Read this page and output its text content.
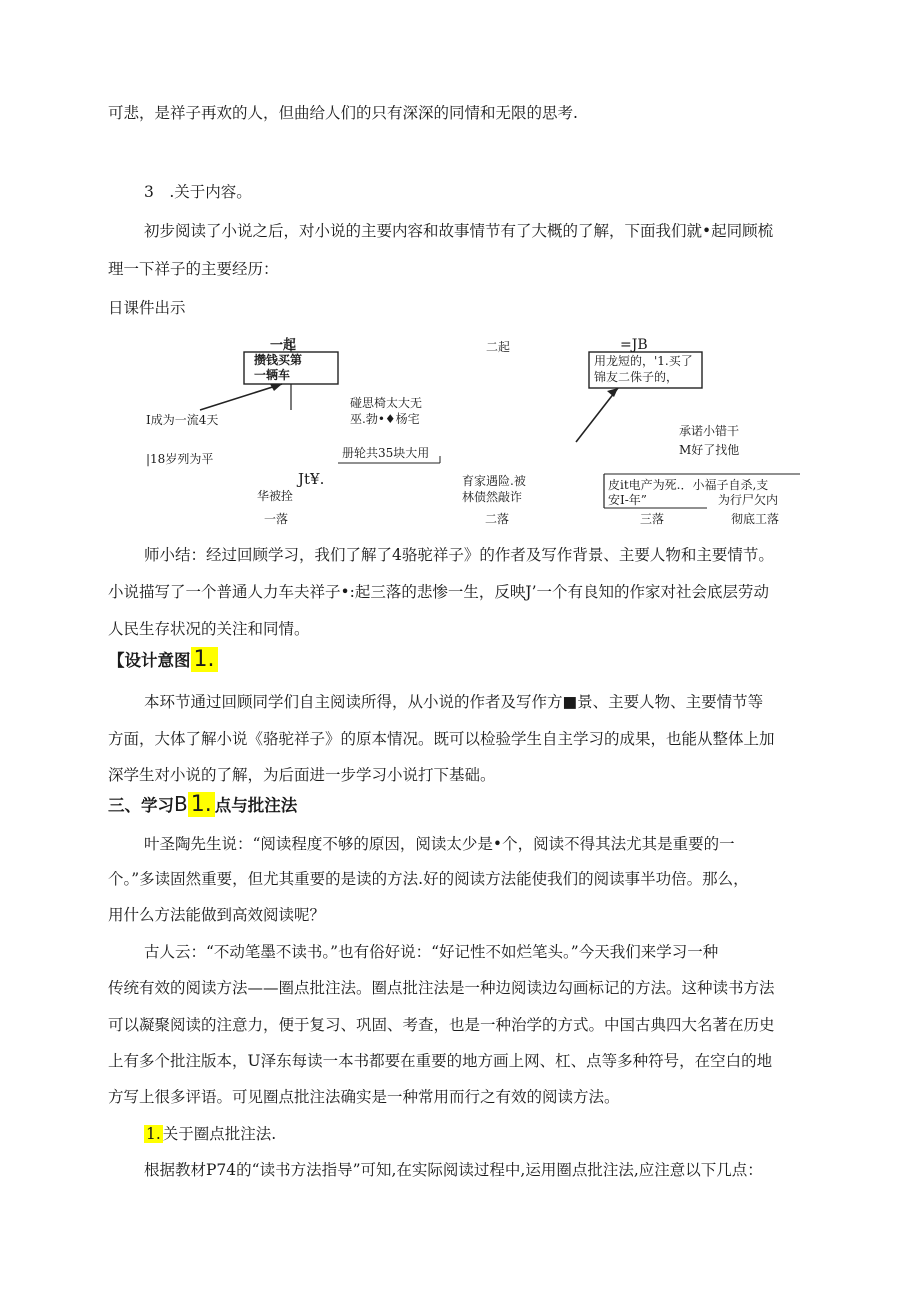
可悲，是祥子再欢的人，但曲给人们的只有深深的同情和无限的思考.
3　.关于内容。
初步阅读了小说之后，对小说的主要内容和故事情节有了大概的了解，下面我们就•起同顾梳
理一下祥子的主要经历：
日课件出示
一起
攒钱买第
一辆车
I成为一流4天
|18岁列为平
碰思椅太大无
巫.勃•♦杨宅
册轮共35块大用
Jt¥.
华被拴
一落
二起
育家遇险.被
林债然敲诈
二落
=JB
用龙短的，'1.买了
锦友二侏子的，
承诺小错干
M好了找他
皮it电产为死.．小福子自杀,支
安I-年”	为行尸欠内
三落	彻底工落
师小结：经过回顾学习，我们了解了4骆驼祥子》的作者及写作背景、主要人物和主要情节。
小说描写了一个普通人力车夫祥子•:起三落的悲惨一生，反映J’一个有良知的作家对社会底层劳动
人民生存状况的关注和同情。
【设计意图 1.
本环节通过回顾同学们自主阅读所得，从小说的作者及写作方■景、主要人物、主要情节等
方面，大体了解小说《骆驼祥子》的原本情况。既可以检验学生自主学习的成果，也能从整体上加
深学生对小说的了解，为后面进一步学习小说打下基础。
三、学习B 1. 点与批注法
叶圣陶先生说：“阅读程度不够的原因，阅读太少是•个，阅读不得其法尤其是重要的一
个。”多读固然重要，但尤其重要的是读的方法.好的阅读方法能使我们的阅读事半功倍。那么，
用什么方法能做到高效阅读呢？
古人云：“不动笔墨不读书。”也有俗好说：“好记性不如烂笔头。”今天我们来学习一种
传统有效的阅读方法——圈点批注法。圈点批注法是一种边阅读边勾画标记的方法。这种读书方法
可以凝聚阅读的注意力，便于复习、巩固、考查，也是一种治学的方式。中国古典四大名著在历史
上有多个批注版本，U泽东每读一本书都要在重要的地方画上网、杠、点等多种符号，在空白的地
方写上很多评语。可见圈点批注法确实是一种常用而行之有效的阅读方法。
1. 关于圈点批注法.
根据教材P74的“读书方法指导”可知,在实际阅读过程中,运用圈点批注法,应注意以下几点：
